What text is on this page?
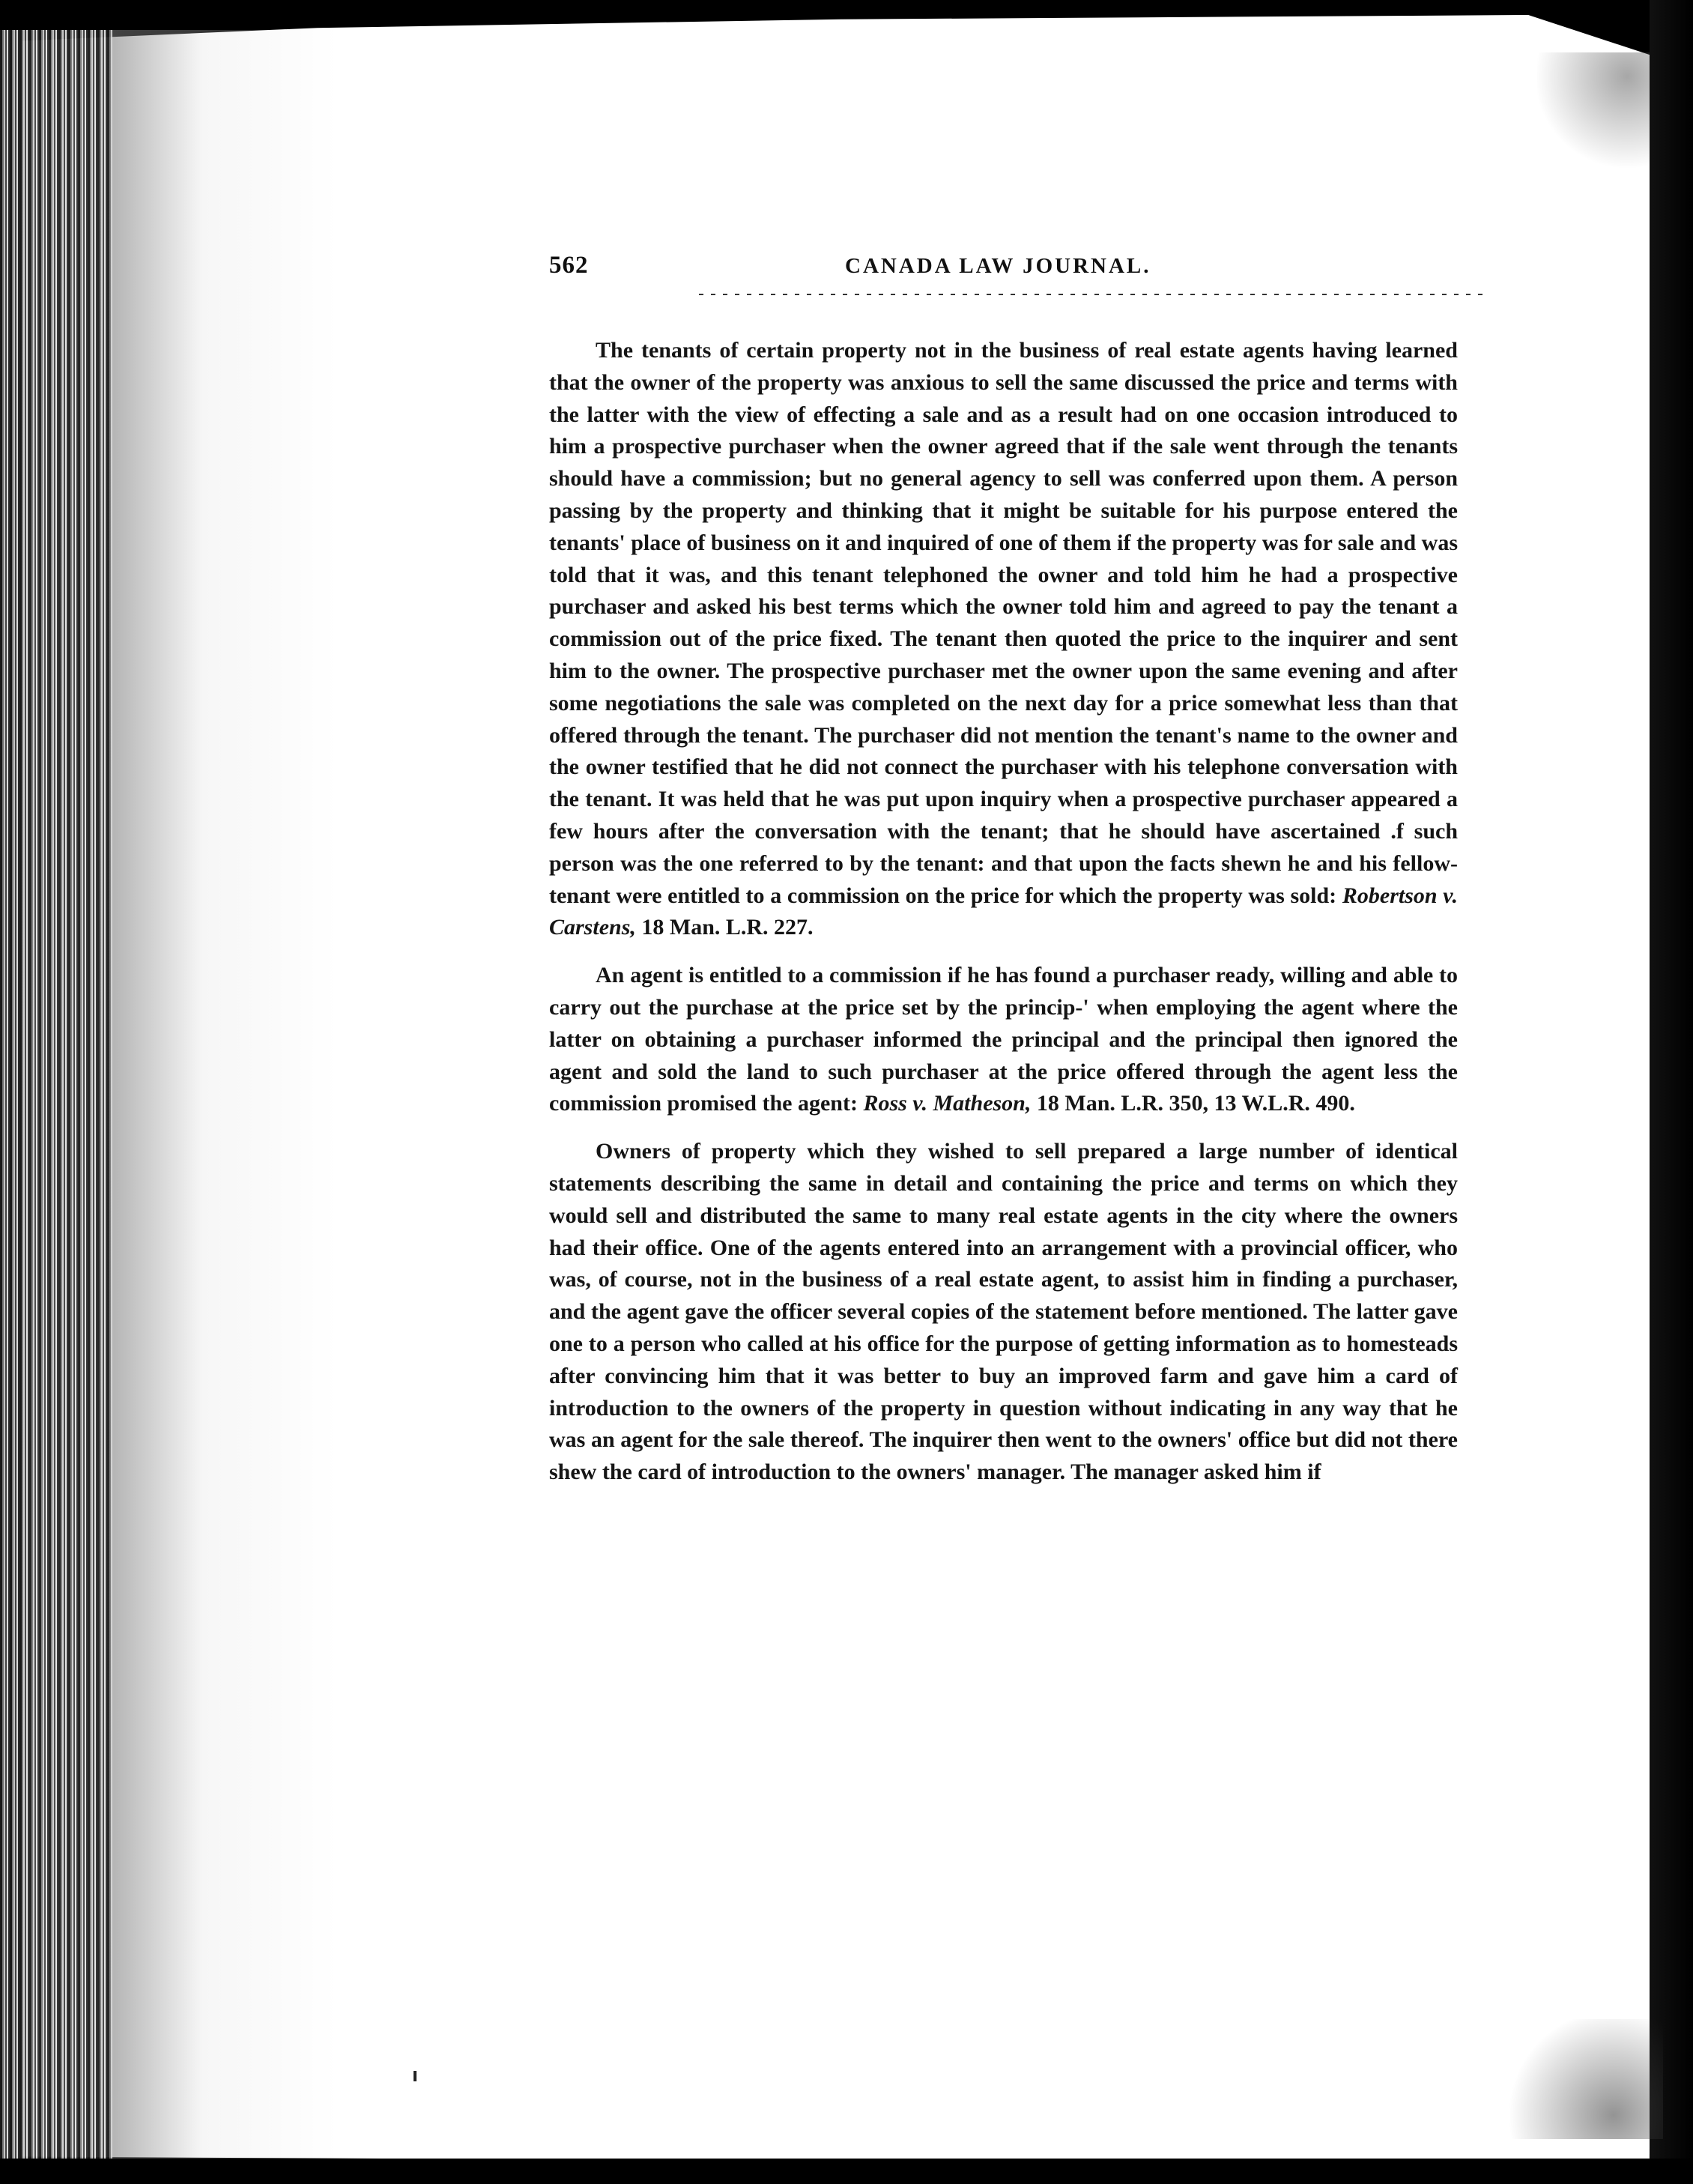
562	CANADA LAW JOURNAL.

The tenants of certain property not in the business of real estate agents having learned that the owner of the property was anxious to sell the same discussed the price and terms with the latter with the view of effecting a sale and as a result had on one occasion introduced to him a prospective purchaser when the owner agreed that if the sale went through the tenants should have a commission; but no general agency to sell was conferred upon them. A person passing by the property and thinking that it might be suitable for his purpose entered the tenants' place of business on it and inquired of one of them if the property was for sale and was told that it was, and this tenant telephoned the owner and told him he had a prospective purchaser and asked his best terms which the owner told him and agreed to pay the tenant a commission out of the price fixed. The tenant then quoted the price to the inquirer and sent him to the owner. The prospective purchaser met the owner upon the same evening and after some negotiations the sale was completed on the next day for a price somewhat less than that offered through the tenant. The purchaser did not mention the tenant's name to the owner and the owner testified that he did not connect the purchaser with his telephone conversation with the tenant. It was held that he was put upon inquiry when a prospective purchaser appeared a few hours after the conversation with the tenant; that he should have ascertained .f such person was the one referred to by the tenant: and that upon the facts shewn he and his fellow-tenant were entitled to a commission on the price for which the property was sold: Robertson v. Carstens, 18 Man. L.R. 227.

An agent is entitled to a commission if he has found a purchaser ready, willing and able to carry out the purchase at the price set by the princip-' when employing the agent where the latter on obtaining a purchaser informed the principal and the principal then ignored the agent and sold the land to such purchaser at the price offered through the agent less the commission promised the agent: Ross v. Matheson, 18 Man. L.R. 350, 13 W.L.R. 490.

Owners of property which they wished to sell prepared a large number of identical statements describing the same in detail and containing the price and terms on which they would sell and distributed the same to many real estate agents in the city where the owners had their office. One of the agents entered into an arrangement with a provincial officer, who was, of course, not in the business of a real estate agent, to assist him in finding a purchaser, and the agent gave the officer several copies of the statement before mentioned. The latter gave one to a person who called at his office for the purpose of getting information as to homesteads after convincing him that it was better to buy an improved farm and gave him a card of introduction to the owners of the property in question without indicating in any way that he was an agent for the sale thereof. The inquirer then went to the owners' office but did not there shew the card of introduction to the owners' manager. The manager asked him if
